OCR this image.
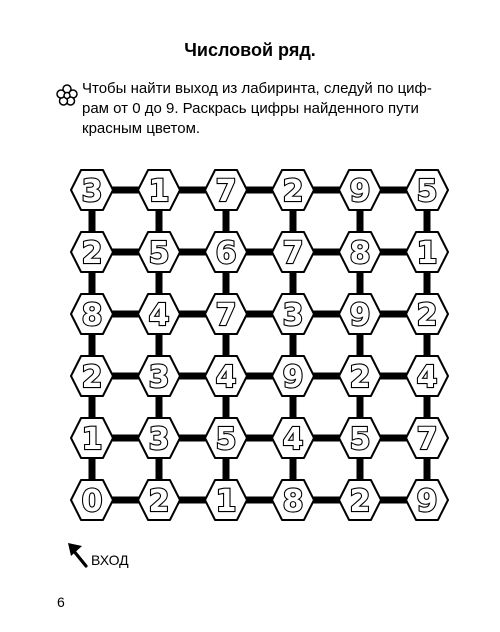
Числовой ряд.

Чтобы найти выход из лабиринта, следуй по циф-
рам от 0 до 9. Раскрась цифры найденного пути
красным цветом.

3 1 7 2 9 5
2 5 6 7 8 1
8 4 7 3 9 2
2 3 4 9 2 4
1 3 5 4 5 7
0 2 1 8 2 9
ВХОД
6
